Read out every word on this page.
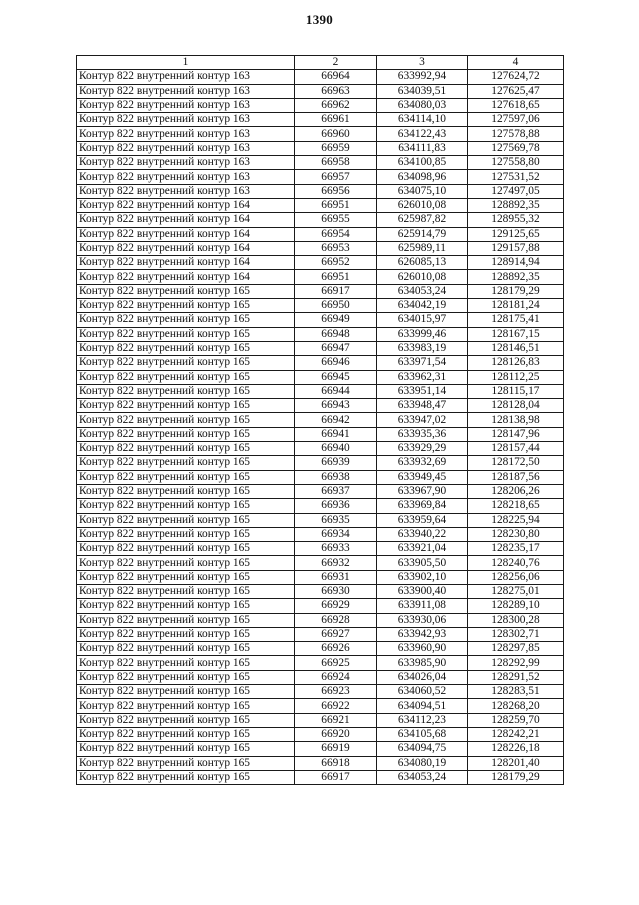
1390
1	2	3	4
Контур 822 внутренний контур 163	66964	633992,94	127624,72
Контур 822 внутренний контур 163	66963	634039,51	127625,47
Контур 822 внутренний контур 163	66962	634080,03	127618,65
Контур 822 внутренний контур 163	66961	634114,10	127597,06
Контур 822 внутренний контур 163	66960	634122,43	127578,88
Контур 822 внутренний контур 163	66959	634111,83	127569,78
Контур 822 внутренний контур 163	66958	634100,85	127558,80
Контур 822 внутренний контур 163	66957	634098,96	127531,52
Контур 822 внутренний контур 163	66956	634075,10	127497,05
Контур 822 внутренний контур 164	66951	626010,08	128892,35
Контур 822 внутренний контур 164	66955	625987,82	128955,32
Контур 822 внутренний контур 164	66954	625914,79	129125,65
Контур 822 внутренний контур 164	66953	625989,11	129157,88
Контур 822 внутренний контур 164	66952	626085,13	128914,94
Контур 822 внутренний контур 164	66951	626010,08	128892,35
Контур 822 внутренний контур 165	66917	634053,24	128179,29
Контур 822 внутренний контур 165	66950	634042,19	128181,24
Контур 822 внутренний контур 165	66949	634015,97	128175,41
Контур 822 внутренний контур 165	66948	633999,46	128167,15
Контур 822 внутренний контур 165	66947	633983,19	128146,51
Контур 822 внутренний контур 165	66946	633971,54	128126,83
Контур 822 внутренний контур 165	66945	633962,31	128112,25
Контур 822 внутренний контур 165	66944	633951,14	128115,17
Контур 822 внутренний контур 165	66943	633948,47	128128,04
Контур 822 внутренний контур 165	66942	633947,02	128138,98
Контур 822 внутренний контур 165	66941	633935,36	128147,96
Контур 822 внутренний контур 165	66940	633929,29	128157,44
Контур 822 внутренний контур 165	66939	633932,69	128172,50
Контур 822 внутренний контур 165	66938	633949,45	128187,56
Контур 822 внутренний контур 165	66937	633967,90	128206,26
Контур 822 внутренний контур 165	66936	633969,84	128218,65
Контур 822 внутренний контур 165	66935	633959,64	128225,94
Контур 822 внутренний контур 165	66934	633940,22	128230,80
Контур 822 внутренний контур 165	66933	633921,04	128235,17
Контур 822 внутренний контур 165	66932	633905,50	128240,76
Контур 822 внутренний контур 165	66931	633902,10	128256,06
Контур 822 внутренний контур 165	66930	633900,40	128275,01
Контур 822 внутренний контур 165	66929	633911,08	128289,10
Контур 822 внутренний контур 165	66928	633930,06	128300,28
Контур 822 внутренний контур 165	66927	633942,93	128302,71
Контур 822 внутренний контур 165	66926	633960,90	128297,85
Контур 822 внутренний контур 165	66925	633985,90	128292,99
Контур 822 внутренний контур 165	66924	634026,04	128291,52
Контур 822 внутренний контур 165	66923	634060,52	128283,51
Контур 822 внутренний контур 165	66922	634094,51	128268,20
Контур 822 внутренний контур 165	66921	634112,23	128259,70
Контур 822 внутренний контур 165	66920	634105,68	128242,21
Контур 822 внутренний контур 165	66919	634094,75	128226,18
Контур 822 внутренний контур 165	66918	634080,19	128201,40
Контур 822 внутренний контур 165	66917	634053,24	128179,29
